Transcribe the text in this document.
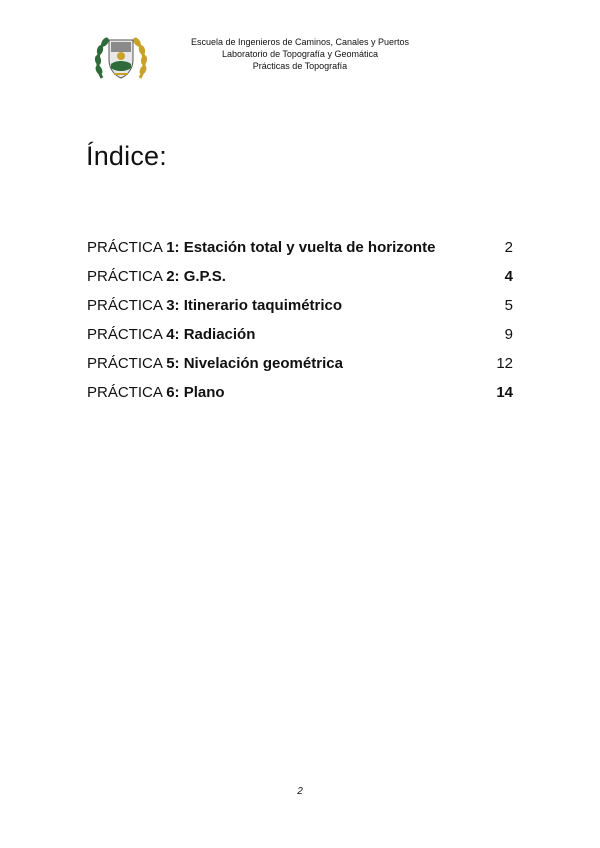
Escuela de Ingenieros de Caminos, Canales y Puertos
Laboratorio de Topografía y Geomática
Prácticas de Topografía
Índice:
PRÁCTICA 1: Estación total y vuelta de horizonte	2
PRÁCTICA 2: G.P.S.	4
PRÁCTICA 3: Itinerario taquimétrico	5
PRÁCTICA 4: Radiación	9
PRÁCTICA 5: Nivelación geométrica	12
PRÁCTICA 6: Plano	14
2
